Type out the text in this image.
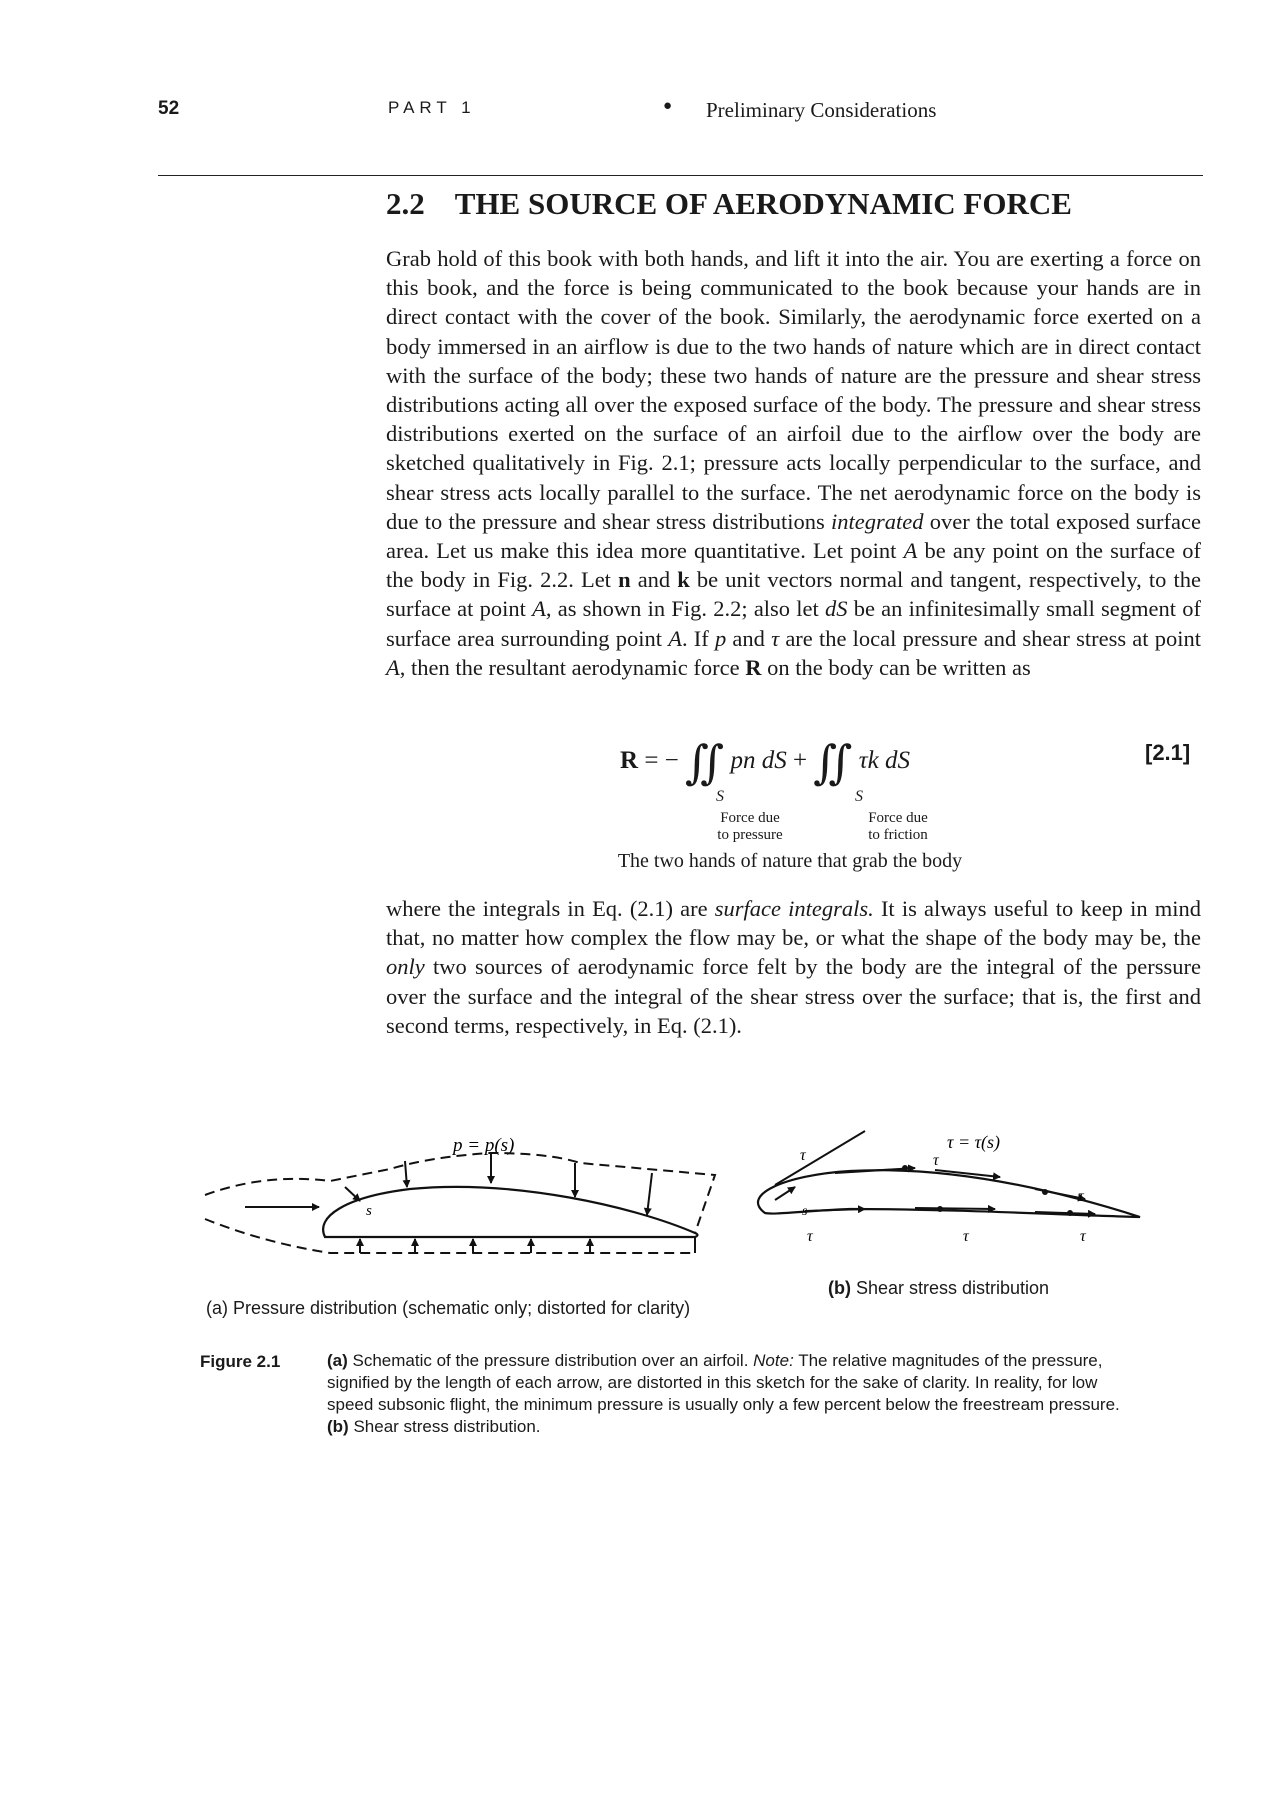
52	PART 1	● Preliminary Considerations
2.2 THE SOURCE OF AERODYNAMIC FORCE

Grab hold of this book with both hands, and lift it into the air. You are exerting a force on this book, and the force is being communicated to the book because your hands are in direct contact with the cover of the book. Similarly, the aerodynamic force exerted on a body immersed in an airflow is due to the two hands of nature which are in direct contact with the surface of the body; these two hands of nature are the pressure and shear stress distributions acting all over the exposed surface of the body. The pressure and shear stress distributions exerted on the surface of an airfoil due to the airflow over the body are sketched qualitatively in Fig. 2.1; pressure acts locally perpendicular to the surface, and shear stress acts locally parallel to the surface. The net aerodynamic force on the body is due to the pressure and shear stress distributions integrated over the total exposed surface area. Let us make this idea more quantitative. Let point A be any point on the surface of the body in Fig. 2.2. Let n and k be unit vectors normal and tangent, respectively, to the surface at point A, as shown in Fig. 2.2; also let dS be an infinitesimally small segment of surface area surrounding point A. If p and τ are the local pressure and shear stress at point A, then the resultant aerodynamic force R on the body can be written as

R = − ∬ pn dS + ∬ τk dS
S	S
Force due
to pressure
Force due
to friction
[2.1]
The two hands of nature that grab the body

where the integrals in Eq. (2.1) are surface integrals. It is always useful to keep in mind that, no matter how complex the flow may be, or what the shape of the body may be, the only two sources of aerodynamic force felt by the body are the integral of the perssure over the surface and the integral of the shear stress over the surface; that is, the first and second terms, respectively, in Eq. (2.1).

p = p(s)
s
τ = τ(s)
s
τ	τ
τ
τ	τ	τ
(a) Pressure distribution (schematic only; distorted for clarity)
(b) Shear stress distribution
Figure 2.1	(a) Schematic of the pressure distribution over an airfoil. Note: The relative magnitudes of the pressure, signified by the length of each arrow, are distorted in this sketch for the sake of clarity. In reality, for low speed subsonic flight, the minimum pressure is usually only a few percent below the freestream pressure. (b) Shear stress distribution.
